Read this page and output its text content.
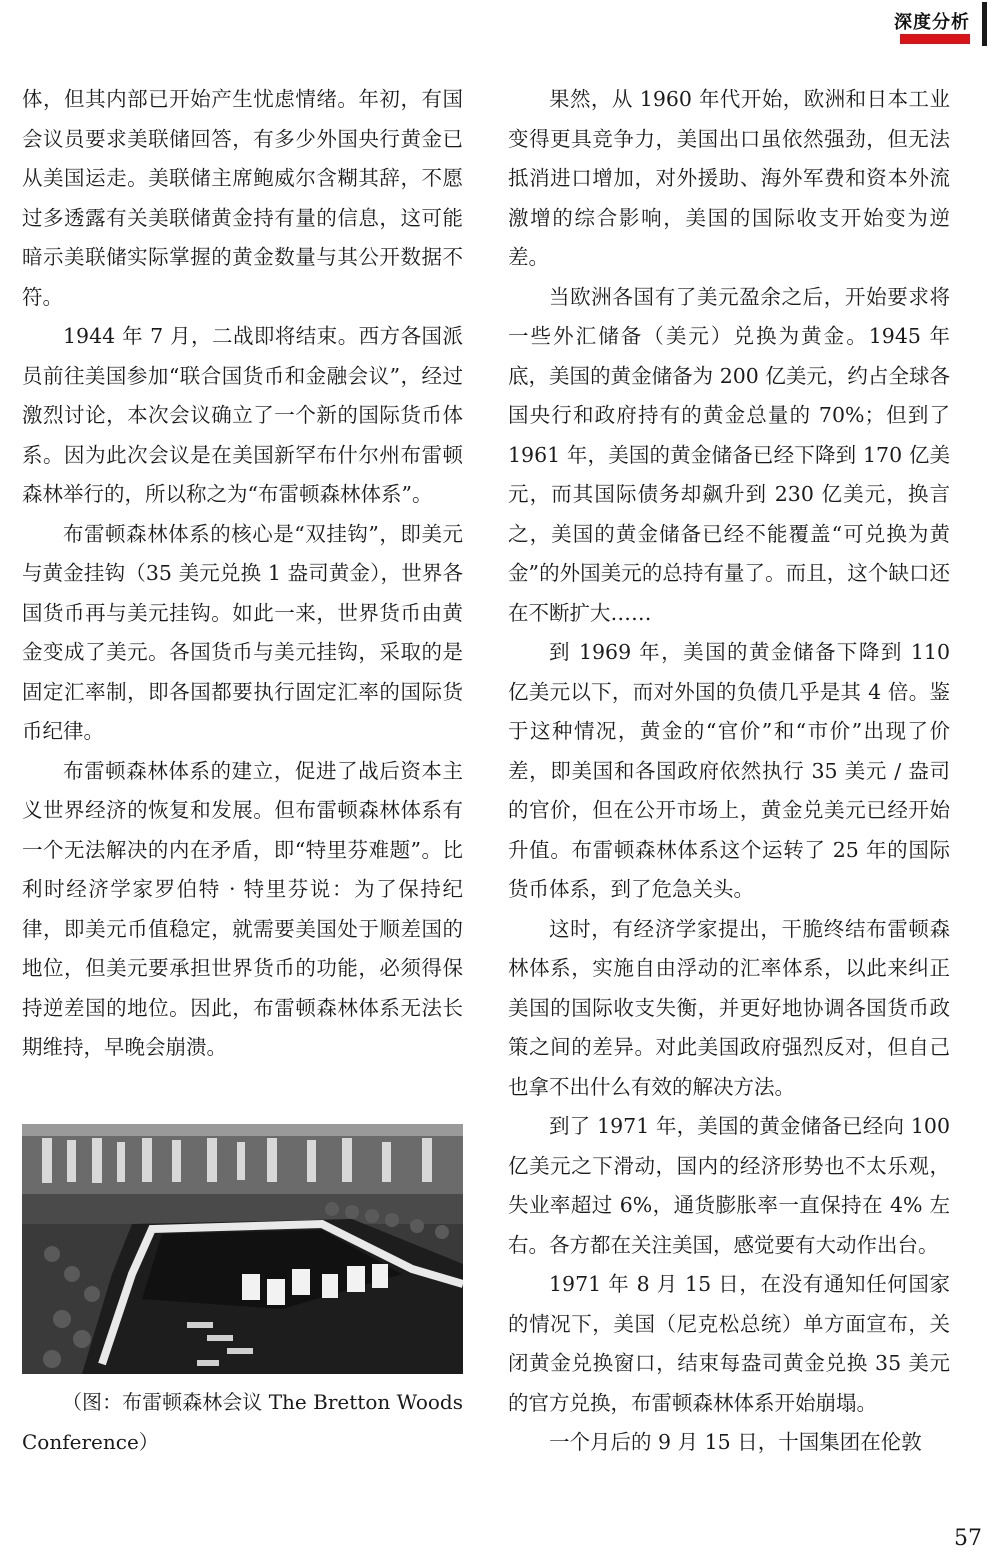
深度分析

体，但其内部已开始产生忧虑情绪。年初，有国会议员要求美联储回答，有多少外国央行黄金已从美国运走。美联储主席鲍威尔含糊其辞，不愿过多透露有关美联储黄金持有量的信息，这可能暗示美联储实际掌握的黄金数量与其公开数据不符。

1944 年 7 月，二战即将结束。西方各国派员前往美国参加“联合国货币和金融会议”，经过激烈讨论，本次会议确立了一个新的国际货币体系。因为此次会议是在美国新罕布什尔州布雷顿森林举行的，所以称之为“布雷顿森林体系”。

布雷顿森林体系的核心是“双挂钩”，即美元与黄金挂钩（35 美元兑换 1 盎司黄金），世界各国货币再与美元挂钩。如此一来，世界货币由黄金变成了美元。各国货币与美元挂钩，采取的是固定汇率制，即各国都要执行固定汇率的国际货币纪律。

布雷顿森林体系的建立，促进了战后资本主义世界经济的恢复和发展。但布雷顿森林体系有一个无法解决的内在矛盾，即“特里芬难题”。比利时经济学家罗伯特 · 特里芬说：为了保持纪律，即美元币值稳定，就需要美国处于顺差国的地位，但美元要承担世界货币的功能，必须得保持逆差国的地位。因此，布雷顿森林体系无法长期维持，早晚会崩溃。

（图：布雷顿森林会议 The Bretton Woods Conference）

果然，从 1960 年代开始，欧洲和日本工业变得更具竞争力，美国出口虽依然强劲，但无法抵消进口增加，对外援助、海外军费和资本外流激增的综合影响，美国的国际收支开始变为逆差。

当欧洲各国有了美元盈余之后，开始要求将一些外汇储备（美元）兑换为黄金。1945 年底，美国的黄金储备为 200 亿美元，约占全球各国央行和政府持有的黄金总量的 70%；但到了 1961 年，美国的黄金储备已经下降到 170 亿美元，而其国际债务却飙升到 230 亿美元，换言之，美国的黄金储备已经不能覆盖“可兑换为黄金”的外国美元的总持有量了。而且，这个缺口还在不断扩大……

到 1969 年，美国的黄金储备下降到 110 亿美元以下，而对外国的负债几乎是其 4 倍。鉴于这种情况，黄金的“官价”和“市价”出现了价差，即美国和各国政府依然执行 35 美元 / 盎司的官价，但在公开市场上，黄金兑美元已经开始升值。布雷顿森林体系这个运转了 25 年的国际货币体系，到了危急关头。

这时，有经济学家提出，干脆终结布雷顿森林体系，实施自由浮动的汇率体系，以此来纠正美国的国际收支失衡，并更好地协调各国货币政策之间的差异。对此美国政府强烈反对，但自己也拿不出什么有效的解决方法。

到了 1971 年，美国的黄金储备已经向 100 亿美元之下滑动，国内的经济形势也不太乐观，失业率超过 6%，通货膨胀率一直保持在 4% 左右。各方都在关注美国，感觉要有大动作出台。

1971 年 8 月 15 日，在没有通知任何国家的情况下，美国（尼克松总统）单方面宣布，关闭黄金兑换窗口，结束每盎司黄金兑换 35 美元的官方兑换，布雷顿森林体系开始崩塌。

一个月后的 9 月 15 日，十国集团在伦敦

57
